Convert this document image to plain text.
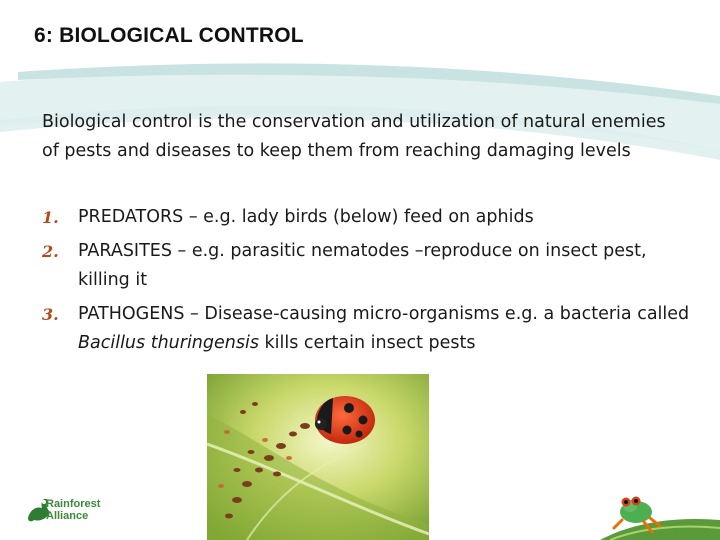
6: BIOLOGICAL CONTROL
Biological control is the conservation and utilization of natural enemies of pests and diseases to keep them from reaching damaging levels
1. PREDATORS – e.g. lady birds (below) feed on aphids
2. PARASITES – e.g. parasitic nematodes –reproduce on insect pest, killing it
3. PATHOGENS – Disease-causing micro-organisms e.g. a bacteria called Bacillus thuringensis kills certain insect pests
Rainforest
Alliance
